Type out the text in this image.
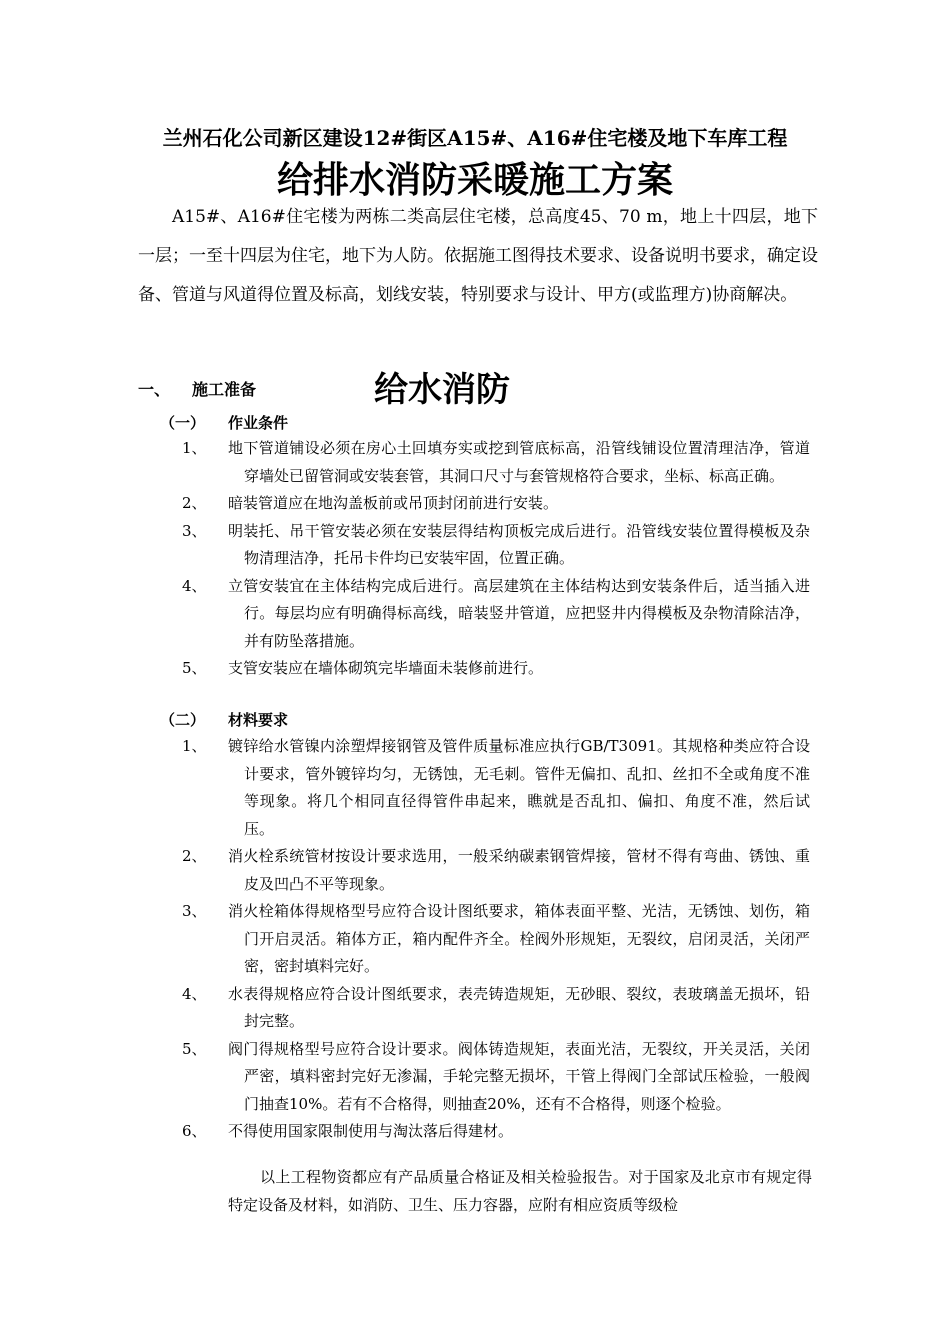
兰州石化公司新区建设12#街区A15#、A16#住宅楼及地下车库工程
给排水消防采暖施工方案
A15#、A16#住宅楼为两栋二类高层住宅楼，总高度45、70 m，地上十四层，地下一层；一至十四层为住宅，地下为人防。依据施工图得技术要求、设备说明书要求，确定设备、管道与风道得位置及标高，划线安装，特别要求与设计、甲方(或监理方)协商解决。
一、 施工准备	给水消防
（一） 作业条件
1、 地下管道铺设必须在房心土回填夯实或挖到管底标高，沿管线铺设位置清理洁净，管道穿墙处已留管洞或安装套管，其洞口尺寸与套管规格符合要求，坐标、标高正确。
2、 暗装管道应在地沟盖板前或吊顶封闭前进行安装。
3、 明装托、吊干管安装必须在安装层得结构顶板完成后进行。沿管线安装位置得模板及杂物清理洁净，托吊卡件均已安装牢固，位置正确。
4、 立管安装宜在主体结构完成后进行。高层建筑在主体结构达到安装条件后，适当插入进行。每层均应有明确得标高线，暗装竖井管道，应把竖井内得模板及杂物清除洁净，并有防坠落措施。
5、 支管安装应在墙体砌筑完毕墙面未装修前进行。
（二） 材料要求
1、 镀锌给水管镍内涂塑焊接钢管及管件质量标准应执行GB/T3091。其规格种类应符合设计要求，管外镀锌均匀，无锈蚀，无毛刺。管件无偏扣、乱扣、丝扣不全或角度不准等现象。将几个相同直径得管件串起来，瞧就是否乱扣、偏扣、角度不准，然后试压。
2、 消火栓系统管材按设计要求选用，一般采纳碳素钢管焊接，管材不得有弯曲、锈蚀、重皮及凹凸不平等现象。
3、 消火栓箱体得规格型号应符合设计图纸要求，箱体表面平整、光洁，无锈蚀、划伤，箱门开启灵活。箱体方正，箱内配件齐全。栓阀外形规矩，无裂纹，启闭灵活，关闭严密，密封填料完好。
4、 水表得规格应符合设计图纸要求，表壳铸造规矩，无砂眼、裂纹，表玻璃盖无损坏，铅封完整。
5、 阀门得规格型号应符合设计要求。阀体铸造规矩，表面光洁，无裂纹，开关灵活，关闭严密，填料密封完好无渗漏，手轮完整无损坏，干管上得阀门全部试压检验，一般阀门抽查10%。若有不合格得，则抽查20%，还有不合格得，则逐个检验。
6、 不得使用国家限制使用与淘汰落后得建材。
以上工程物资都应有产品质量合格证及相关检验报告。对于国家及北京市有规定得特定设备及材料，如消防、卫生、压力容器，应附有相应资质等级检
